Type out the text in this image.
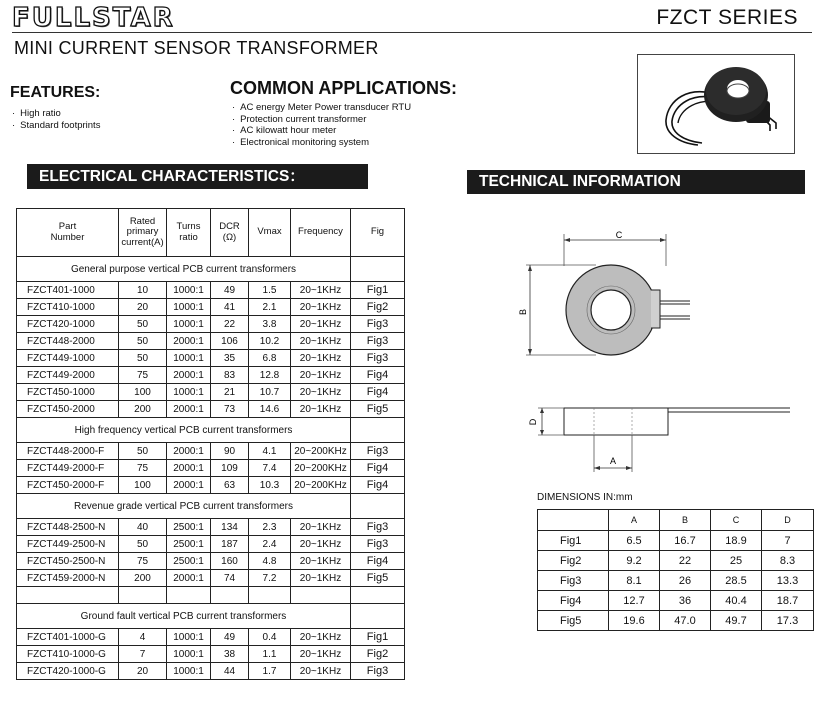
FULLSTAR	FZCT SERIES
MINI CURRENT SENSOR TRANSFORMER
FEATURES:
· High ratio
· Standard footprints
COMMON APPLICATIONS:
· AC energy Meter Power transducer RTU
· Protection current transformer
· AC kilowatt hour meter
· Electronical monitoring system
ELECTRICAL CHARACTERISTICS：	TECHNICAL INFORMATION
Part
Number	Rated
primary
current(A)	Turns
ratio	DCR
(Ω)	Vmax	Frequency	Fig
General purpose vertical PCB current transformers						
FZCT401-1000	10	1000:1	49	1.5	20~1KHz	Fig1
FZCT410-1000	20	1000:1	41	2.1	20~1KHz	Fig2
FZCT420-1000	50	1000:1	22	3.8	20~1KHz	Fig3
FZCT448-2000	50	2000:1	106	10.2	20~1KHz	Fig3
FZCT449-1000	50	1000:1	35	6.8	20~1KHz	Fig3
FZCT449-2000	75	2000:1	83	12.8	20~1KHz	Fig4
FZCT450-1000	100	1000:1	21	10.7	20~1KHz	Fig4
FZCT450-2000	200	2000:1	73	14.6	20~1KHz	Fig5
High frequency vertical PCB current transformers						
FZCT448-2000-F	50	2000:1	90	4.1	20~200KHz	Fig3
FZCT449-2000-F	75	2000:1	109	7.4	20~200KHz	Fig4
FZCT450-2000-F	100	2000:1	63	10.3	20~200KHz	Fig4
Revenue grade vertical PCB current transformers						
FZCT448-2500-N	40	2500:1	134	2.3	20~1KHz	Fig3
FZCT449-2500-N	50	2500:1	187	2.4	20~1KHz	Fig3
FZCT450-2500-N	75	2500:1	160	4.8	20~1KHz	Fig4
FZCT459-2000-N	200	2000:1	74	7.2	20~1KHz	Fig5

Ground fault vertical PCB current transformers						
FZCT401-1000-G	4	1000:1	49	0.4	20~1KHz	Fig1
FZCT410-1000-G	7	1000:1	38	1.1	20~1KHz	Fig2
FZCT420-1000-G	20	1000:1	44	1.7	20~1KHz	Fig3
C
B
D
A
DIMENSIONS IN:mm
	A	B	C	D
Fig1	6.5	16.7	18.9	7
Fig2	9.2	22	25	8.3
Fig3	8.1	26	28.5	13.3
Fig4	12.7	36	40.4	18.7
Fig5	19.6	47.0	49.7	17.3
